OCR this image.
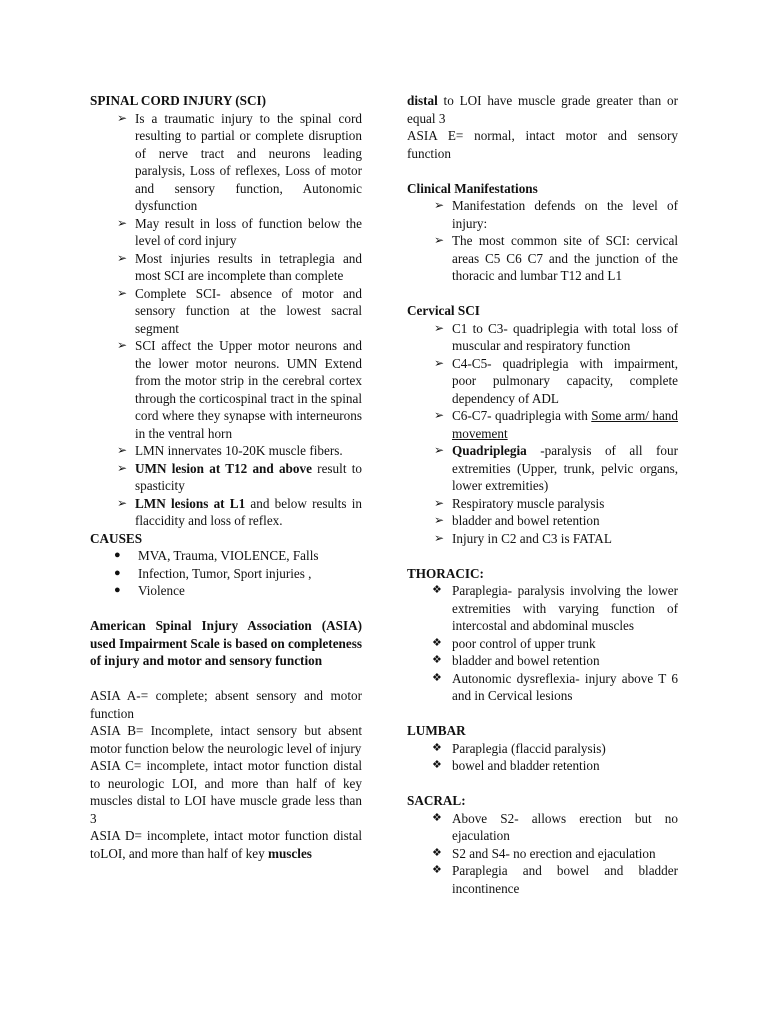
SPINAL CORD INJURY (SCI)
➢ Is a traumatic injury to the spinal cord resulting to partial or complete disruption of nerve tract and neurons leading paralysis, Loss of reflexes, Loss of motor and sensory function, Autonomic dysfunction
➢ May result in loss of function below the level of cord injury
➢ Most injuries results in tetraplegia and most SCI are incomplete than complete
➢ Complete SCI- absence of motor and sensory function at the lowest sacral segment
➢ SCI affect the Upper motor neurons and the lower motor neurons. UMN Extend from the motor strip in the cerebral cortex through the corticospinal tract in the spinal cord where they synapse with interneurons in the ventral horn
➢ LMN innervates 10-20K muscle fibers.
➢ UMN lesion at T12 and above result to spasticity
➢ LMN lesions at L1 and below results in flaccidity and loss of reflex.
CAUSES
● MVA, Trauma, VIOLENCE, Falls
● Infection, Tumor, Sport injuries ,
● Violence
American Spinal Injury Association (ASIA) used Impairment Scale is based on completeness of injury and motor and sensory function
ASIA A-= complete; absent sensory and motor function
ASIA B= Incomplete, intact sensory but absent motor function below the neurologic level of injury
ASIA C= incomplete, intact motor function distal to neurologic LOI, and more than half of key muscles distal to LOI have muscle grade less than 3
ASIA D= incomplete, intact motor function distal toLOI, and more than half of key muscles
distal to LOI have muscle grade greater than or equal 3
ASIA E= normal, intact motor and sensory function
Clinical Manifestations
➢ Manifestation defends on the level of injury:
➢ The most common site of SCI: cervical areas C5 C6 C7 and the junction of the thoracic and lumbar T12 and L1
Cervical SCI
➢ C1 to C3- quadriplegia with total loss of muscular and respiratory function
➢ C4-C5- quadriplegia with impairment, poor pulmonary capacity, complete dependency of ADL
➢ C6-C7- quadriplegia with Some arm/ hand movement
➢ Quadriplegia -paralysis of all four extremities (Upper, trunk, pelvic organs, lower extremities)
➢ Respiratory muscle paralysis
➢ bladder and bowel retention
➢ Injury in C2 and C3 is FATAL
THORACIC:
❖ Paraplegia- paralysis involving the lower extremities with varying function of intercostal and abdominal muscles
❖ poor control of upper trunk
❖ bladder and bowel retention
❖ Autonomic dysreflexia- injury above T 6 and in Cervical lesions
LUMBAR
❖ Paraplegia (flaccid paralysis)
❖ bowel and bladder retention
SACRAL:
❖ Above S2- allows erection but no ejaculation
❖ S2 and S4- no erection and ejaculation
❖ Paraplegia and bowel and bladder incontinence
